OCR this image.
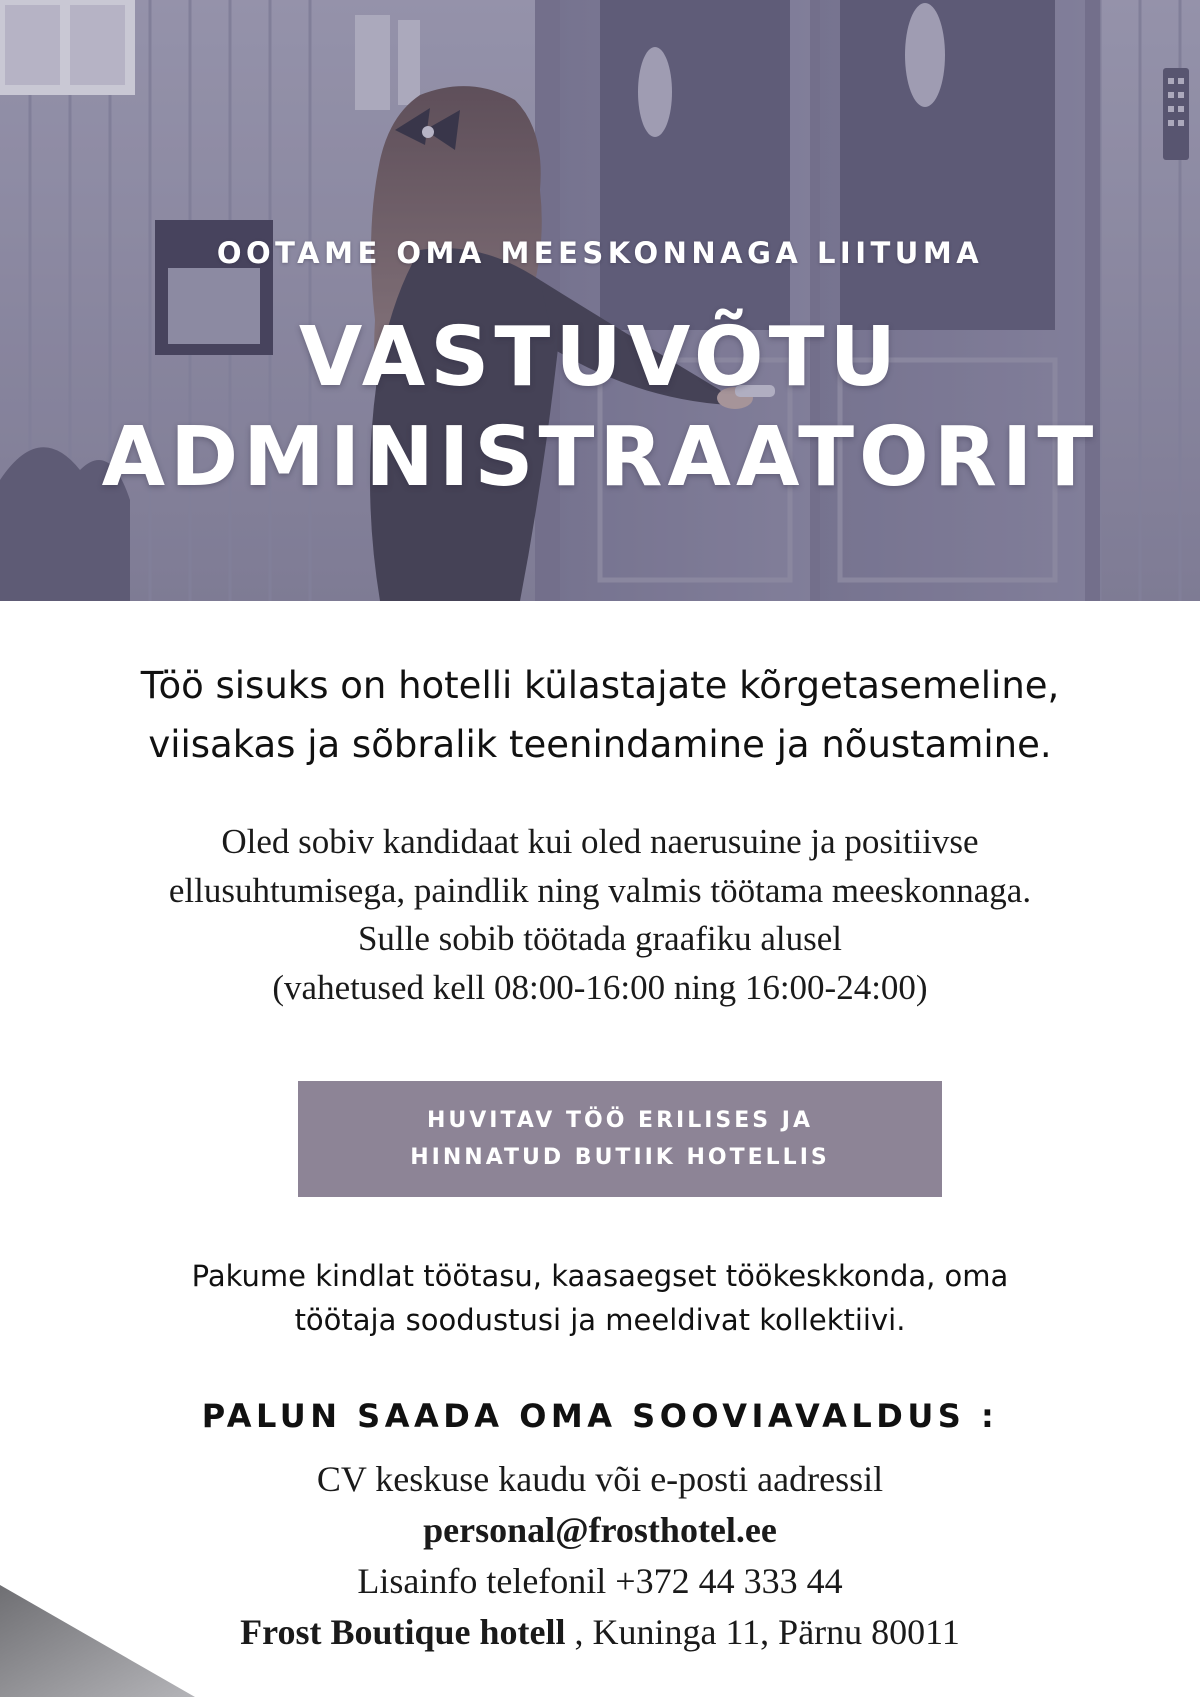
OOTAME OMA MEESKONNAGA LIITUMA
VASTUVÕTU
ADMINISTRAATORIT
Töö sisuks on hotelli külastajate kõrgetasemeline,
viisakas ja sõbralik teenindamine ja nõustamine.
Oled sobiv kandidaat kui oled naerusuine ja positiivse
ellusuhtumisega, paindlik ning valmis töötama meeskonnaga.
Sulle sobib töötada graafiku alusel
(vahetused kell 08:00-16:00 ning 16:00-24:00)
HUVITAV TÖÖ ERILISES JA
HINNATUD BUTIIK HOTELLIS
Pakume kindlat töötasu, kaasaegset töökeskkonda, oma
töötaja soodustusi ja meeldivat kollektiivi.
PALUN SAADA OMA SOOVIAVALDUS :
CV keskuse kaudu või e-posti aadressil
personal@frosthotel.ee
Lisainfo telefonil +372 44 333 44
Frost Boutique hotell , Kuninga 11, Pärnu 80011
